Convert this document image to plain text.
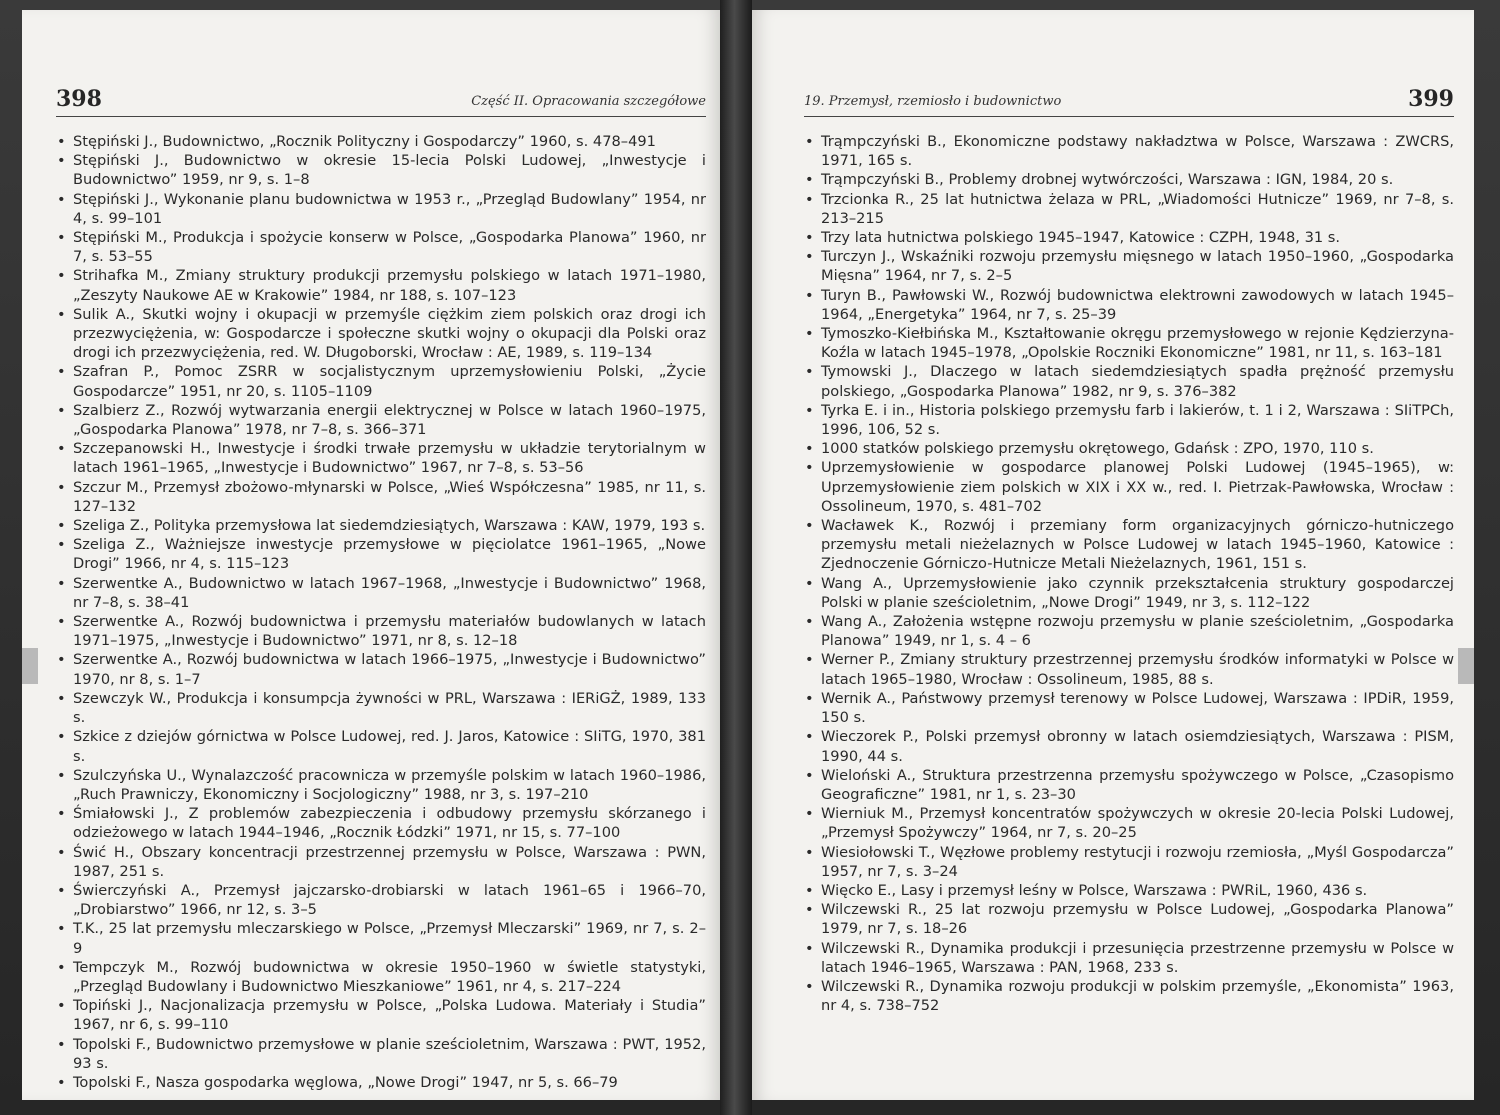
398	Część II. Opracowania szczegółowe
• Stępiński J., Budownictwo, „Rocznik Polityczny i Gospodarczy” 1960, s. 478–491
• Stępiński J., Budownictwo w okresie 15-lecia Polski Ludowej, „Inwestycje i Budownictwo” 1959, nr 9, s. 1–8
• Stępiński J., Wykonanie planu budownictwa w 1953 r., „Przegląd Budowlany” 1954, nr 4, s. 99–101
• Stępiński M., Produkcja i spożycie konserw w Polsce, „Gospodarka Planowa” 1960, nr 7, s. 53–55
• Strihafka M., Zmiany struktury produkcji przemysłu polskiego w latach 1971–1980, „Zeszyty Naukowe AE w Krakowie” 1984, nr 188, s. 107–123
• Sulik A., Skutki wojny i okupacji w przemyśle ciężkim ziem polskich oraz drogi ich przezwyciężenia, w: Gospodarcze i społeczne skutki wojny o okupacji dla Polski oraz drogi ich przezwyciężenia, red. W. Długoborski, Wrocław : AE, 1989, s. 119–134
• Szafran P., Pomoc ZSRR w socjalistycznym uprzemysłowieniu Polski, „Życie Gospodarcze” 1951, nr 20, s. 1105–1109
• Szalbierz Z., Rozwój wytwarzania energii elektrycznej w Polsce w latach 1960–1975, „Gospodarka Planowa” 1978, nr 7–8, s. 366–371
• Szczepanowski H., Inwestycje i środki trwałe przemysłu w układzie terytorialnym w latach 1961–1965, „Inwestycje i Budownictwo” 1967, nr 7–8, s. 53–56
• Szczur M., Przemysł zbożowo-młynarski w Polsce, „Wieś Współczesna” 1985, nr 11, s. 127–132
• Szeliga Z., Polityka przemysłowa lat siedemdziesiątych, Warszawa : KAW, 1979, 193 s.
• Szeliga Z., Ważniejsze inwestycje przemysłowe w pięciolatce 1961–1965, „Nowe Drogi” 1966, nr 4, s. 115–123
• Szerwentke A., Budownictwo w latach 1967–1968, „Inwestycje i Budownictwo” 1968, nr 7–8, s. 38–41
• Szerwentke A., Rozwój budownictwa i przemysłu materiałów budowlanych w latach 1971–1975, „Inwestycje i Budownictwo” 1971, nr 8, s. 12–18
• Szerwentke A., Rozwój budownictwa w latach 1966–1975, „Inwestycje i Budownictwo” 1970, nr 8, s. 1–7
• Szewczyk W., Produkcja i konsumpcja żywności w PRL, Warszawa : IERiGŻ, 1989, 133 s.
• Szkice z dziejów górnictwa w Polsce Ludowej, red. J. Jaros, Katowice : SIiTG, 1970, 381 s.
• Szulczyńska U., Wynalazczość pracownicza w przemyśle polskim w latach 1960–1986, „Ruch Prawniczy, Ekonomiczny i Socjologiczny” 1988, nr 3, s. 197–210
• Śmiałowski J., Z problemów zabezpieczenia i odbudowy przemysłu skórzanego i odzieżowego w latach 1944–1946, „Rocznik Łódzki” 1971, nr 15, s. 77–100
• Świć H., Obszary koncentracji przestrzennej przemysłu w Polsce, Warszawa : PWN, 1987, 251 s.
• Świerczyński A., Przemysł jajczarsko-drobiarski w latach 1961–65 i 1966–70, „Drobiarstwo” 1966, nr 12, s. 3–5
• T.K., 25 lat przemysłu mleczarskiego w Polsce, „Przemysł Mleczarski” 1969, nr 7, s. 2–9
• Tempczyk M., Rozwój budownictwa w okresie 1950–1960 w świetle statystyki, „Przegląd Budowlany i Budownictwo Mieszkaniowe” 1961, nr 4, s. 217–224
• Topiński J., Nacjonalizacja przemysłu w Polsce, „Polska Ludowa. Materiały i Studia” 1967, nr 6, s. 99–110
• Topolski F., Budownictwo przemysłowe w planie sześcioletnim, Warszawa : PWT, 1952, 93 s.
• Topolski F., Nasza gospodarka węglowa, „Nowe Drogi” 1947, nr 5, s. 66–79
19. Przemysł, rzemiosło i budownictwo	399
• Trąmpczyński B., Ekonomiczne podstawy nakładztwa w Polsce, Warszawa : ZWCRS, 1971, 165 s.
• Trąmpczyński B., Problemy drobnej wytwórczości, Warszawa : IGN, 1984, 20 s.
• Trzcionka R., 25 lat hutnictwa żelaza w PRL, „Wiadomości Hutnicze” 1969, nr 7–8, s. 213–215
• Trzy lata hutnictwa polskiego 1945–1947, Katowice : CZPH, 1948, 31 s.
• Turczyn J., Wskaźniki rozwoju przemysłu mięsnego w latach 1950–1960, „Gospodarka Mięsna” 1964, nr 7, s. 2–5
• Turyn B., Pawłowski W., Rozwój budownictwa elektrowni zawodowych w latach 1945–1964, „Energetyka” 1964, nr 7, s. 25–39
• Tymoszko-Kiełbińska M., Kształtowanie okręgu przemysłowego w rejonie Kędzierzyna-Koźla w latach 1945–1978, „Opolskie Roczniki Ekonomiczne” 1981, nr 11, s. 163–181
• Tymowski J., Dlaczego w latach siedemdziesiątych spadła prężność przemysłu polskiego, „Gospodarka Planowa” 1982, nr 9, s. 376–382
• Tyrka E. i in., Historia polskiego przemysłu farb i lakierów, t. 1 i 2, Warszawa : SIiTPCh, 1996, 106, 52 s.
• 1000 statków polskiego przemysłu okrętowego, Gdańsk : ZPO, 1970, 110 s.
• Uprzemysłowienie w gospodarce planowej Polski Ludowej (1945–1965), w: Uprzemysłowienie ziem polskich w XIX i XX w., red. I. Pietrzak-Pawłowska, Wrocław : Ossolineum, 1970, s. 481–702
• Wacławek K., Rozwój i przemiany form organizacyjnych górniczo-hutniczego przemysłu metali nieżelaznych w Polsce Ludowej w latach 1945–1960, Katowice : Zjednoczenie Górniczo-Hutnicze Metali Nieżelaznych, 1961, 151 s.
• Wang A., Uprzemysłowienie jako czynnik przekształcenia struktury gospodarczej Polski w planie sześcioletnim, „Nowe Drogi” 1949, nr 3, s. 112–122
• Wang A., Założenia wstępne rozwoju przemysłu w planie sześcioletnim, „Gospodarka Planowa” 1949, nr 1, s. 4 – 6
• Werner P., Zmiany struktury przestrzennej przemysłu środków informatyki w Polsce w latach 1965–1980, Wrocław : Ossolineum, 1985, 88 s.
• Wernik A., Państwowy przemysł terenowy w Polsce Ludowej, Warszawa : IPDiR, 1959, 150 s.
• Wieczorek P., Polski przemysł obronny w latach osiemdziesiątych, Warszawa : PISM, 1990, 44 s.
• Wieloński A., Struktura przestrzenna przemysłu spożywczego w Polsce, „Czasopismo Geograficzne” 1981, nr 1, s. 23–30
• Wierniuk M., Przemysł koncentratów spożywczych w okresie 20-lecia Polski Ludowej, „Przemysł Spożywczy” 1964, nr 7, s. 20–25
• Wiesiołowski T., Węzłowe problemy restytucji i rozwoju rzemiosła, „Myśl Gospodarcza” 1957, nr 7, s. 3–24
• Więcko E., Lasy i przemysł leśny w Polsce, Warszawa : PWRiL, 1960, 436 s.
• Wilczewski R., 25 lat rozwoju przemysłu w Polsce Ludowej, „Gospodarka Planowa” 1979, nr 7, s. 18–26
• Wilczewski R., Dynamika produkcji i przesunięcia przestrzenne przemysłu w Polsce w latach 1946–1965, Warszawa : PAN, 1968, 233 s.
• Wilczewski R., Dynamika rozwoju produkcji w polskim przemyśle, „Ekonomista” 1963, nr 4, s. 738–752
